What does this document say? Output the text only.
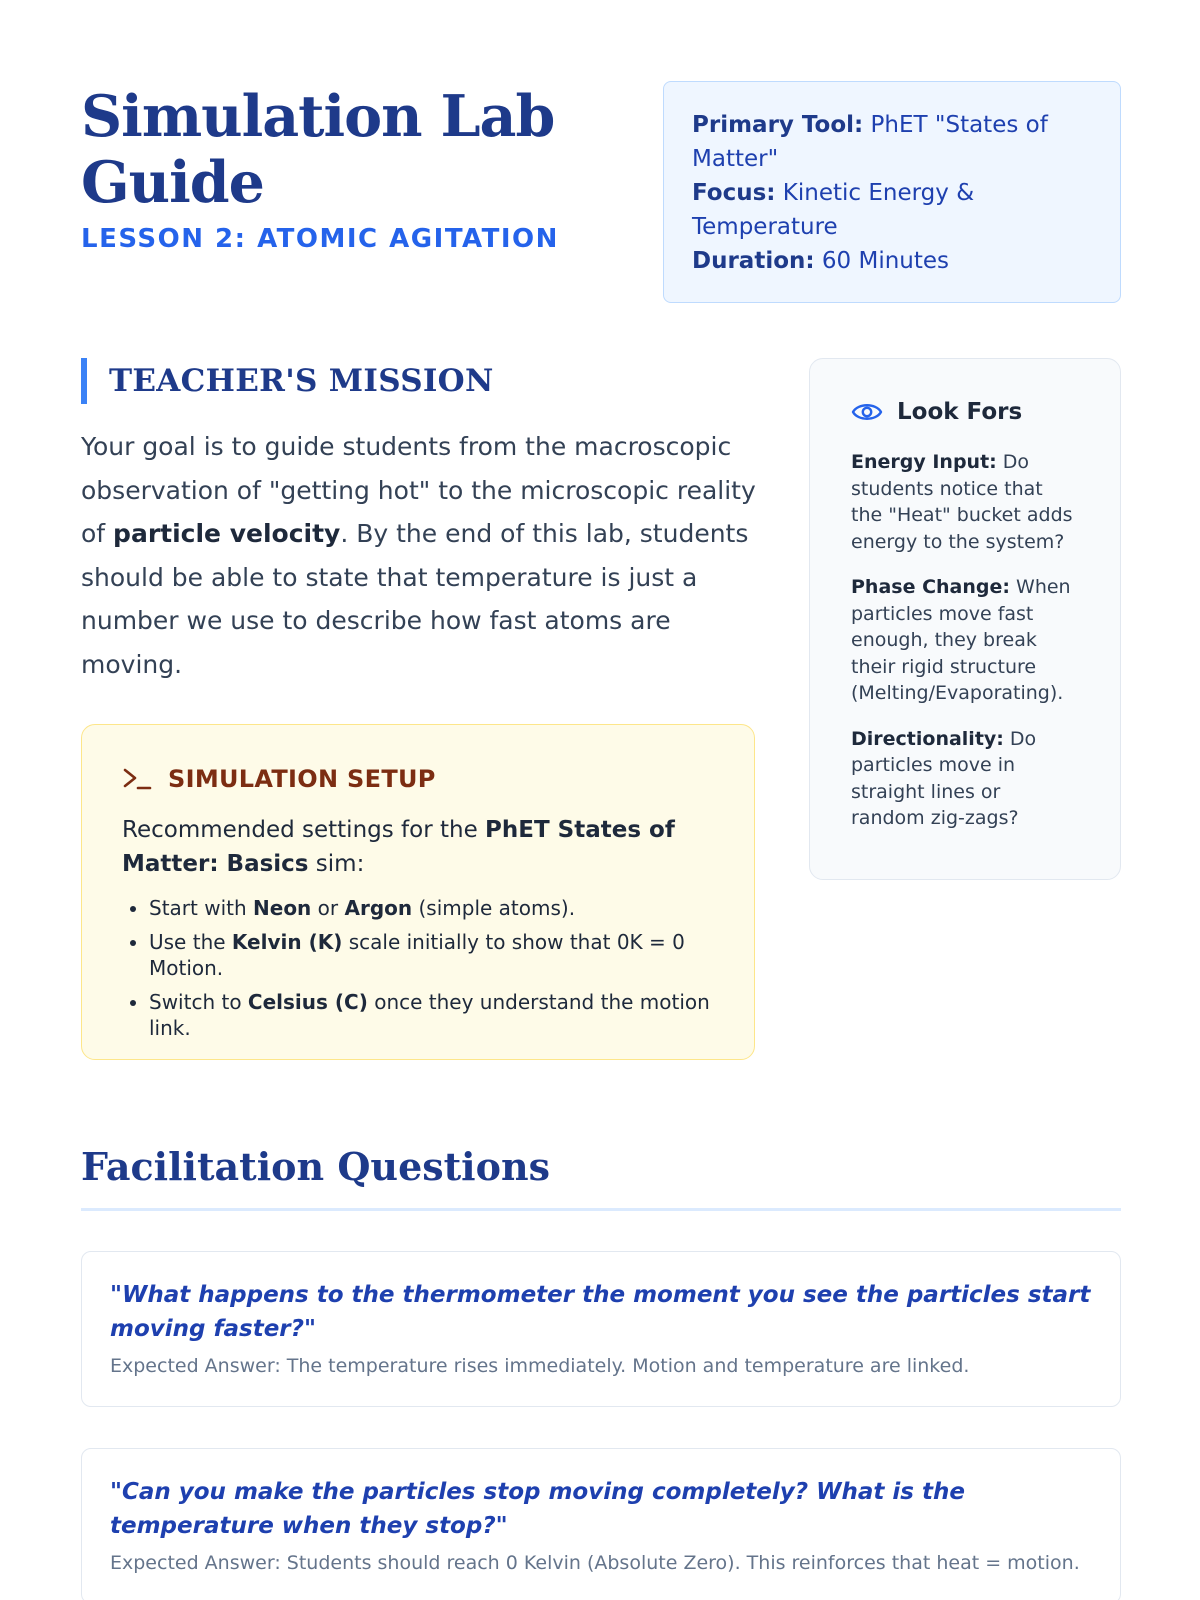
Simulation Lab Guide
LESSON 2: ATOMIC AGITATION
Primary Tool: PhET "States of Matter"
Focus: Kinetic Energy & Temperature
Duration: 60 Minutes
TEACHER'S MISSION

Your goal is to guide students from the macroscopic observation of "getting hot" to the microscopic reality of particle velocity. By the end of this lab, students should be able to state that temperature is just a number we use to describe how fast atoms are moving.

SIMULATION SETUP

Recommended settings for the PhET States of Matter: Basics sim:

• Start with Neon or Argon (simple atoms).
• Use the Kelvin (K) scale initially to show that 0K = 0 Motion.
• Switch to Celsius (C) once they understand the motion link.
Look Fors

Energy Input: Do students notice that the "Heat" bucket adds energy to the system?

Phase Change: When particles move fast enough, they break their rigid structure (Melting/Evaporating).

Directionality: Do particles move in straight lines or random zig-zags?

Facilitation Questions

"What happens to the thermometer the moment you see the particles start moving faster?"

Expected Answer: The temperature rises immediately. Motion and temperature are linked.

"Can you make the particles stop moving completely? What is the temperature when they stop?"

Expected Answer: Students should reach 0 Kelvin (Absolute Zero). This reinforces that heat = motion.
